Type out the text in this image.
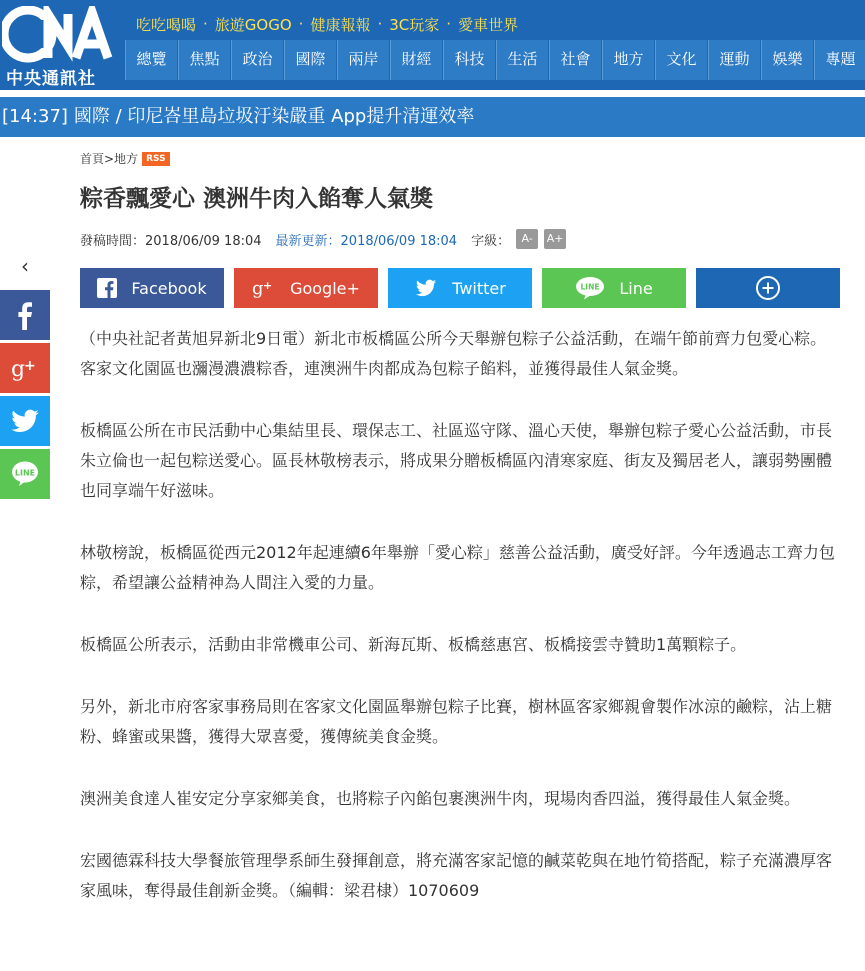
中央通訊社
吃吃喝喝 · 旅遊GOGO · 健康報報 · 3C玩家 · 愛車世界
總覽	焦點	政治	國際	兩岸	財經	科技	生活	社會	地方	文化	運動	娛樂	專題
[14:37] 國際 / 印尼峇里島垃圾汙染嚴重 App提升清運效率
‹
g
+
LINE
首頁>地方 RSS
粽香飄愛心 澳洲牛肉入餡奪人氣獎
發稿時間：2018/06/09 18:04 最新更新：2018/06/09 18:04 字級：	A-	A+
Facebook	g + Google+	Twitter	LINE Line

（中央社記者黃旭昇新北9日電）新北市板橋區公所今天舉辦包粽子公益活動，在端午節前齊力包愛心粽。客家文化園區也瀰漫濃濃粽香，連澳洲牛肉都成為包粽子餡料，並獲得最佳人氣金獎。

板橋區公所在市民活動中心集結里長、環保志工、社區巡守隊、溫心天使，舉辦包粽子愛心公益活動，市長朱立倫也一起包粽送愛心。區長林敬榜表示，將成果分贈板橋區內清寒家庭、街友及獨居老人，讓弱勢團體也同享端午好滋味。

林敬榜說，板橋區從西元2012年起連續6年舉辦「愛心粽」慈善公益活動，廣受好評。今年透過志工齊力包粽，希望讓公益精神為人間注入愛的力量。

板橋區公所表示，活動由非常機車公司、新海瓦斯、板橋慈惠宮、板橋接雲寺贊助1萬顆粽子。

另外，新北市府客家事務局則在客家文化園區舉辦包粽子比賽，樹林區客家鄉親會製作冰涼的鹼粽，沾上糖粉、蜂蜜或果醬，獲得大眾喜愛，獲傳統美食金獎。

澳洲美食達人崔安定分享家鄉美食，也將粽子內餡包裹澳洲牛肉，現場肉香四溢，獲得最佳人氣金獎。

宏國德霖科技大學餐旅管理學系師生發揮創意，將充滿客家記憶的鹹菜乾與在地竹筍搭配，粽子充滿濃厚客家風味，奪得最佳創新金獎。（編輯：梁君棣）1070609
